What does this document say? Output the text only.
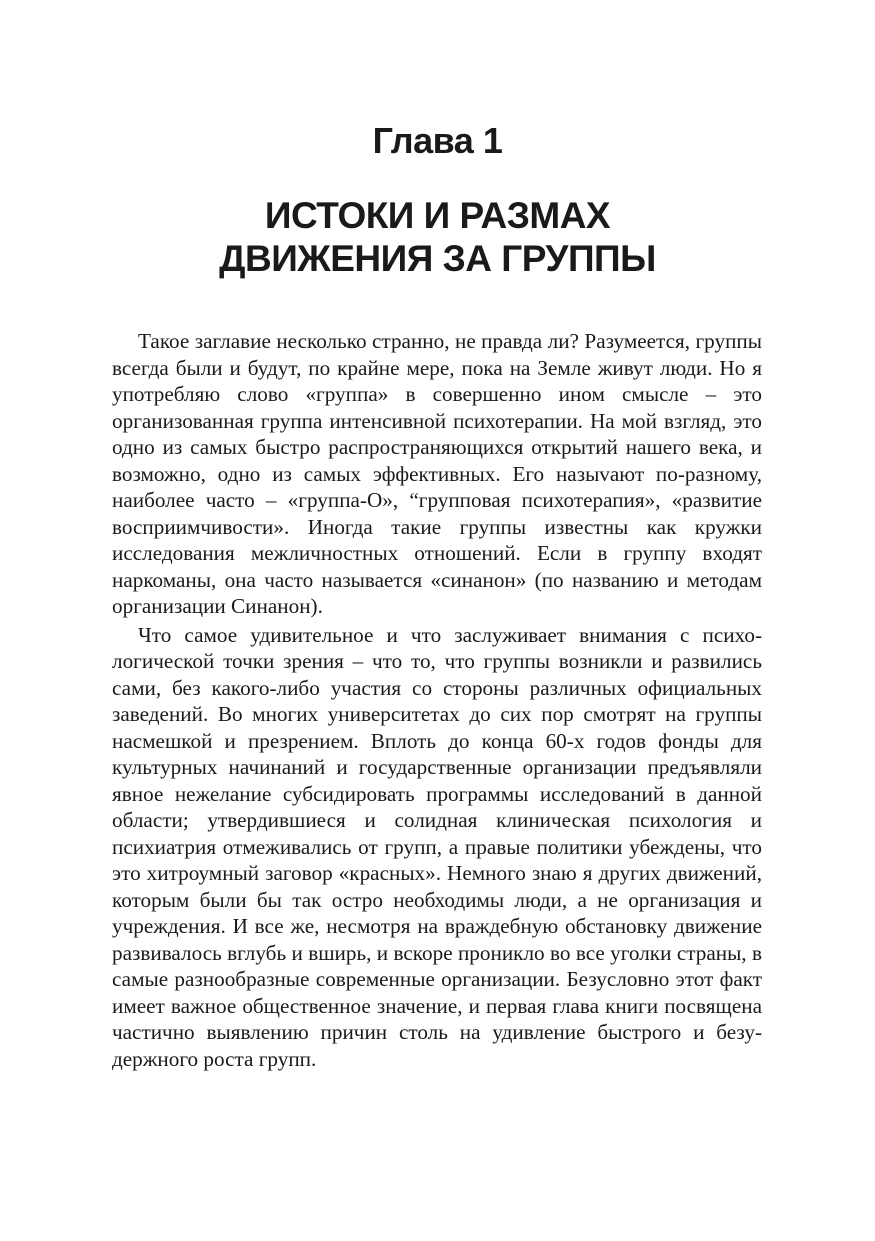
Глава 1
ИСТОКИ И РАЗМАХ
ДВИЖЕНИЯ ЗА ГРУППЫ

Такое заглавие несколько странно, не правда ли? Разумеется, группы всегда были и будут, по крайне мере, пока на Земле живут люди. Но я употребляю слово «группа» в совершенно ином смысле – это организованная группа интенсивной психотерапии. На мой взгляд, это одно из самых быстро распространяющихся открытий нашего века, и возможно, одно из самых эффективных. Его назыvают по-разному, наиболее часто – «группа-О», “групповая психотерапия», «развитие восприимчивости». Иногда такие группы известны как кружки исследования межличностных отношений. Если в группу входят наркоманы, она часто называется «синанон» (по названию и методам организации Синанон).

Что самое удивительное и что заслуживает внимания с психологической точки зрения – что то, что группы возникли и развились сами, без какого-либо участия со стороны различных официальных заведений. Во многих университетах до сих пор смотрят на группы насмешкой и презрением. Вплоть до конца 60-х годов фонды для культурных начинаний и государственные организации предъявляли явное нежелание субсидировать программы исследований в данной области; утвердившиеся и солидная клиническая психология и психиатрия отмеживались от групп, а правые политики убеждены, что это хитроумный заговор «красных». Немного знаю я других движений, которым были бы так остро необходимы люди, а не организация и учреждения. И все же, несмотря на враждебную обстановку движение развивалось вглубь и вширь, и вскоре проникло во все уголки страны, в самые разнообразные современные организации. Безусловно этот факт имеет важное общественное значение, и первая глава книги посвящена частично выявлению причин столь на удивление быстрого и безудержного роста групп.
